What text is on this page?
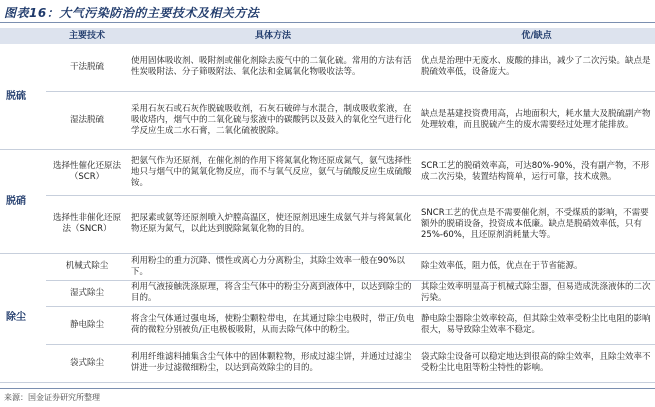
图表16：大气污染防治的主要技术及相关方法
	主要技术	具体方法	优/缺点
脱硫	干法脱硫	使用固体吸收剂、吸附剂或催化剂除去废气中的二氧化硫。常用的方法有活性炭吸附法、分子筛吸附法、氧化法和金属氧化物吸收法等。	优点是治理中无废水、废酸的排出，减少了二次污染。缺点是脱硫效率低，设备庞大。
	湿法脱硫	采用石灰石或石灰作脱硫吸收剂，石灰石破碎与水混合，制成吸收浆液，在吸收塔内，烟气中的二氧化硫与浆液中的碳酸钙以及鼓入的氧化空气进行化学反应生成二水石膏，二氧化硫被脱除。	缺点是基建投资费用高，占地面积大，耗水量大及脱硫副产物处理较难，而且脱硫产生的废水需要经过处理才能排放。
脱硝	选择性催化还原法（SCR）	把氨气作为还原剂，在催化剂的作用下将氮氧化物还原成氮气，氨气选择性地只与烟气中的氮氧化物反应，而不与氧气反应，氨气与硫酸反应生成硫酸铵。	SCR工艺的脱硝效率高，可达80%-90%，没有副产物，不形成二次污染，装置结构简单，运行可靠，技术成熟。
	选择性非催化还原法（SNCR）	把尿素或氨等还原剂喷入炉膛高温区，使还原剂迅速生成氨气并与将氮氧化物还原为氮气，以此达到脱除氮氧化物的目的。	SNCR工艺的优点是不需要催化剂，不受煤质的影响，不需要额外的脱硝设备，投资成本低廉。缺点是脱硝效率低，只有25%-60%，且还原剂消耗量大等。
除尘	机械式除尘	利用粉尘的重力沉降、惯性或离心力分离粉尘，其除尘效率一般在90%以下。	除尘效率低，阻力低，优点在于节省能源。
	湿式除尘	利用气液接触洗涤原理，将含尘气体中的粉尘分离到液体中，以达到除尘的目的。	其除尘效率明显高于机械式除尘器，但易造成洗涤液体的二次污染。
	静电除尘	将含尘气体通过强电场，使粉尘颗粒带电，在其通过除尘电极时，带正/负电荷的微粒分别被负/正电极板吸附，从而去除气体中的粉尘。	静电除尘器除尘效率较高，但其除尘效率受粉尘比电阻的影响很大，易导致除尘效率不稳定。
	袋式除尘	利用纤维滤料捕集含尘气体中的固体颗粒物，形成过滤尘饼，并通过过滤尘饼进一步过滤微细粉尘，以达到高效除尘的目的。	袋式除尘设备可以稳定地达到很高的除尘效率，且除尘效率不受粉尘比电阻等粉尘特性的影响。
来源：国金证券研究所整理
